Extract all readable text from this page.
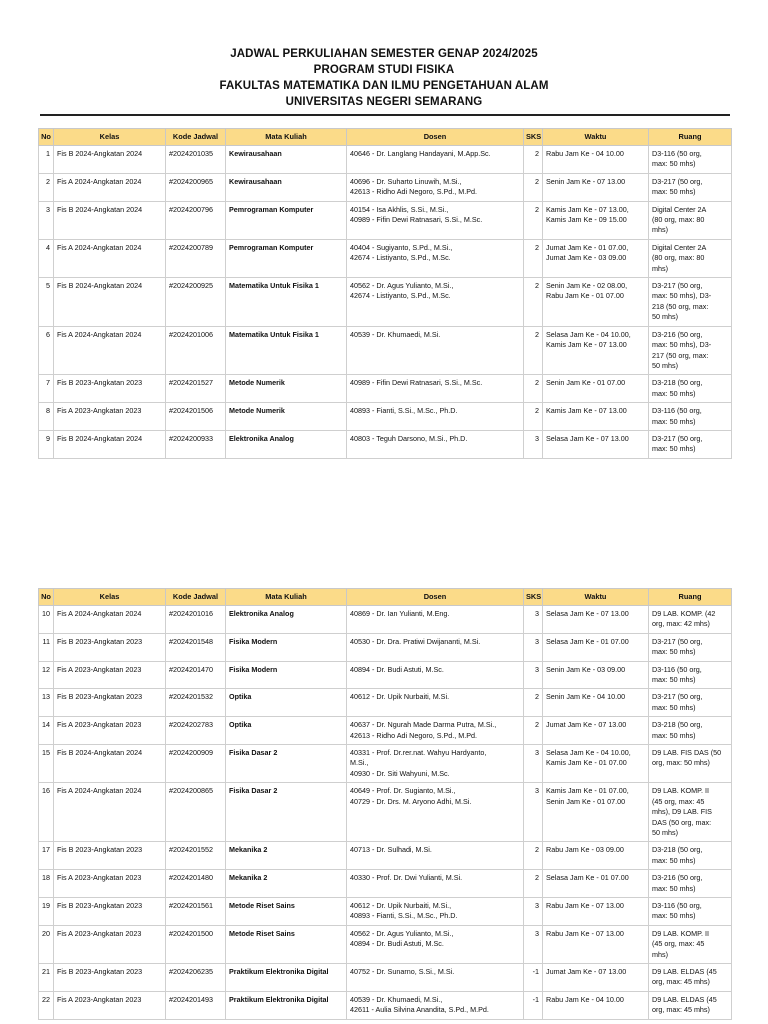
JADWAL PERKULIAHAN SEMESTER GENAP 2024/2025
PROGRAM STUDI FISIKA
FAKULTAS MATEMATIKA DAN ILMU PENGETAHUAN ALAM
UNIVERSITAS NEGERI SEMARANG
No	Kelas	Kode Jadwal	Mata Kuliah	Dosen	SKS	Waktu	Ruang
1	Fis B 2024-Angkatan 2024	#2024201035	Kewirausahaan	40646 - Dr. Langlang Handayani, M.App.Sc.	2	Rabu Jam Ke - 04 10.00	D3-116 (50 org,
max: 50 mhs)

2	Fis A 2024-Angkatan 2024	#2024200965	Kewirausahaan	40696 - Dr. Suharto Linuwih, M.Si.,
42613 - Ridho Adi Negoro, S.Pd., M.Pd.	2	Senin Jam Ke - 07 13.00	D3-217 (50 org,
max: 50 mhs)

3	Fis B 2024-Angkatan 2024	#2024200796	Pemrograman Komputer	40154 - Isa Akhlis, S.Si., M.Si.,
40989 - Fifin Dewi Ratnasari, S.Si., M.Sc.	2	Kamis Jam Ke - 07 13.00,
Kamis Jam Ke - 09 15.00	Digital Center 2A
(80 org, max: 80
mhs)

4	Fis A 2024-Angkatan 2024	#2024200789	Pemrograman Komputer	40404 - Sugiyanto, S.Pd., M.Si.,
42674 - Listiyanto, S.Pd., M.Sc.	2	Jumat Jam Ke - 01 07.00,
Jumat Jam Ke - 03 09.00	Digital Center 2A
(80 org, max: 80
mhs)

5	Fis B 2024-Angkatan 2024	#2024200925	Matematika Untuk Fisika 1	40562 - Dr. Agus Yulianto, M.Si.,
42674 - Listiyanto, S.Pd., M.Sc.	2	Senin Jam Ke - 02 08.00,
Rabu Jam Ke - 01 07.00	D3-217 (50 org,
max: 50 mhs), D3-
218 (50 org, max:
50 mhs)

6	Fis A 2024-Angkatan 2024	#2024201006	Matematika Untuk Fisika 1	40539 - Dr. Khumaedi, M.Si.	2	Selasa Jam Ke - 04 10.00,
Kamis Jam Ke - 07 13.00	D3-216 (50 org,
max: 50 mhs), D3-
217 (50 org, max:
50 mhs)

7	Fis B 2023-Angkatan 2023	#2024201527	Metode Numerik	40989 - Fifin Dewi Ratnasari, S.Si., M.Sc.	2	Senin Jam Ke - 01 07.00	D3-218 (50 org,
max: 50 mhs)

8	Fis A 2023-Angkatan 2023	#2024201506	Metode Numerik	40893 - Fianti, S.Si., M.Sc., Ph.D.	2	Kamis Jam Ke - 07 13.00	D3-116 (50 org,
max: 50 mhs)

9	Fis B 2024-Angkatan 2024	#2024200933	Elektronika Analog	40803 - Teguh Darsono, M.Si., Ph.D.	3	Selasa Jam Ke - 07 13.00	D3-217 (50 org,
max: 50 mhs)
No	Kelas	Kode Jadwal	Mata Kuliah	Dosen	SKS	Waktu	Ruang
10	Fis A 2024-Angkatan 2024	#2024201016	Elektronika Analog	40869 - Dr. Ian Yulianti, M.Eng.	3	Selasa Jam Ke - 07 13.00	D9 LAB. KOMP. (42
org, max: 42 mhs)

11	Fis B 2023-Angkatan 2023	#2024201548	Fisika Modern	40530 - Dr. Dra. Pratiwi Dwijananti, M.Si.	3	Selasa Jam Ke - 01 07.00	D3-217 (50 org,
max: 50 mhs)

12	Fis A 2023-Angkatan 2023	#2024201470	Fisika Modern	40894 - Dr. Budi Astuti, M.Sc.	3	Senin Jam Ke - 03 09.00	D3-116 (50 org,
max: 50 mhs)

13	Fis B 2023-Angkatan 2023	#2024201532	Optika	40612 - Dr. Upik Nurbaiti, M.Si.	2	Senin Jam Ke - 04 10.00	D3-217 (50 org,
max: 50 mhs)

14	Fis A 2023-Angkatan 2023	#2024202783	Optika	40637 - Dr. Ngurah Made Darma Putra, M.Si.,
42613 - Ridho Adi Negoro, S.Pd., M.Pd.	2	Jumat Jam Ke - 07 13.00	D3-218 (50 org,
max: 50 mhs)

15	Fis B 2024-Angkatan 2024	#2024200909	Fisika Dasar 2	40331 - Prof. Dr.rer.nat. Wahyu Hardyanto,
M.Si.,
40930 - Dr. Siti Wahyuni, M.Sc.	3	Selasa Jam Ke - 04 10.00,
Kamis Jam Ke - 01 07.00	D9 LAB. FIS DAS (50
org, max: 50 mhs)

16	Fis A 2024-Angkatan 2024	#2024200865	Fisika Dasar 2	40649 - Prof. Dr. Sugianto, M.Si.,
40729 - Dr. Drs. M. Aryono Adhi, M.Si.	3	Kamis Jam Ke - 01 07.00,
Senin Jam Ke - 01 07.00	D9 LAB. KOMP. II
(45 org, max: 45
mhs), D9 LAB. FIS
DAS (50 org, max:
50 mhs)

17	Fis B 2023-Angkatan 2023	#2024201552	Mekanika 2	40713 - Dr. Sulhadi, M.Si.	2	Rabu Jam Ke - 03 09.00	D3-218 (50 org,
max: 50 mhs)

18	Fis A 2023-Angkatan 2023	#2024201480	Mekanika 2	40330 - Prof. Dr. Dwi Yulianti, M.Si.	2	Selasa Jam Ke - 01 07.00	D3-216 (50 org,
max: 50 mhs)

19	Fis B 2023-Angkatan 2023	#2024201561	Metode Riset Sains	40612 - Dr. Upik Nurbaiti, M.Si.,
40893 - Fianti, S.Si., M.Sc., Ph.D.	3	Rabu Jam Ke - 07 13.00	D3-116 (50 org,
max: 50 mhs)

20	Fis A 2023-Angkatan 2023	#2024201500	Metode Riset Sains	40562 - Dr. Agus Yulianto, M.Si.,
40894 - Dr. Budi Astuti, M.Sc.	3	Rabu Jam Ke - 07 13.00	D9 LAB. KOMP. II
(45 org, max: 45
mhs)

21	Fis B 2023-Angkatan 2023	#2024206235	Praktikum Elektronika Digital	40752 - Dr. Sunarno, S.Si., M.Si.	-1	Jumat Jam Ke - 07 13.00	D9 LAB. ELDAS (45
org, max: 45 mhs)

22	Fis A 2023-Angkatan 2023	#2024201493	Praktikum Elektronika Digital	40539 - Dr. Khumaedi, M.Si.,
42611 - Aulia Silvina Anandita, S.Pd., M.Pd.	-1	Rabu Jam Ke - 04 10.00	D9 LAB. ELDAS (45
org, max: 45 mhs)
